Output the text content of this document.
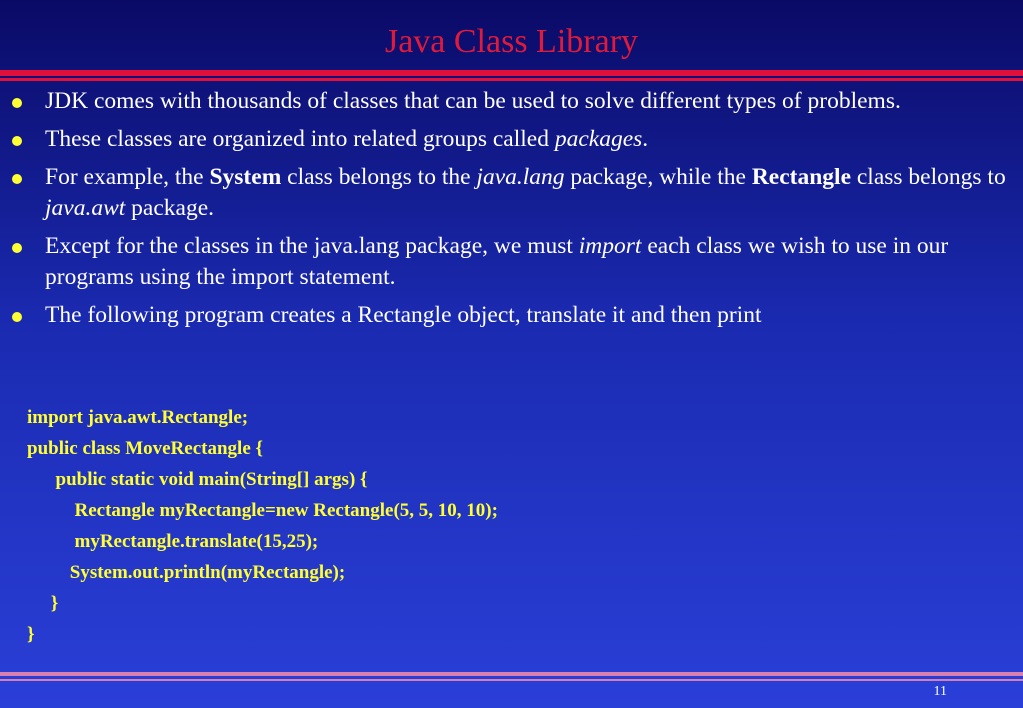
Java Class Library
JDK comes with thousands of classes that can be used to solve different types of problems.
These classes are organized into related groups called packages.
For example, the System class belongs to the java.lang package, while the Rectangle class belongs to java.awt package.
Except for the classes in the java.lang package, we must import each class we wish to use in our programs using the import statement.
The following program creates a Rectangle object, translate it and then print
import java.awt.Rectangle;
public class MoveRectangle {
public static void main(String[] args) {
Rectangle myRectangle=new Rectangle(5, 5, 10, 10);
myRectangle.translate(15,25);
System.out.println(myRectangle);
}
}
11
